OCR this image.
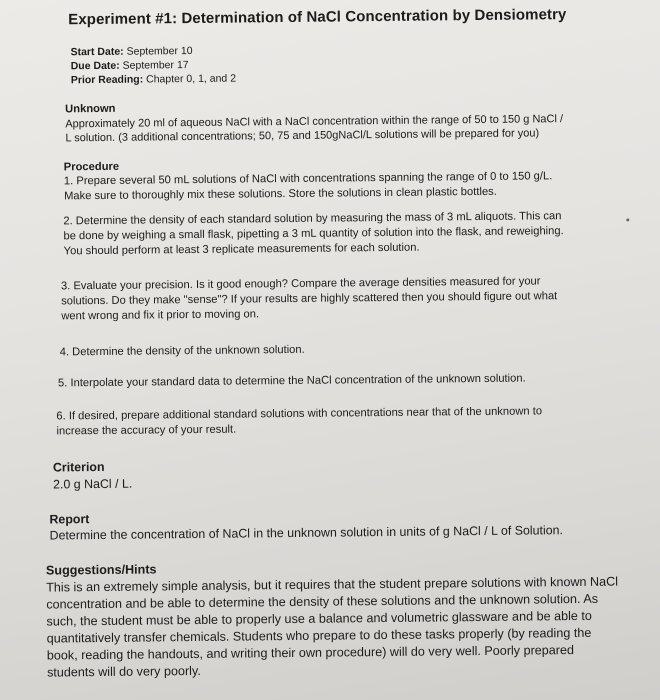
Experiment #1: Determination of NaCl Concentration by Densiometry
Start Date: September 10
Due Date: September 17
Prior Reading: Chapter 0, 1, and 2
Unknown
Approximately 20 ml of aqueous NaCl with a NaCl concentration within the range of 50 to 150 g NaCl /
L solution. (3 additional concentrations; 50, 75 and 150gNaCl/L solutions will be prepared for you)
Procedure
1. Prepare several 50 mL solutions of NaCl with concentrations spanning the range of 0 to 150 g/L.
Make sure to thoroughly mix these solutions. Store the solutions in clean plastic bottles.
2. Determine the density of each standard solution by measuring the mass of 3 mL aliquots. This can
be done by weighing a small flask, pipetting a 3 mL quantity of solution into the flask, and reweighing.
You should perform at least 3 replicate measurements for each solution.
3. Evaluate your precision. Is it good enough? Compare the average densities measured for your
solutions. Do they make "sense"? If your results are highly scattered then you should figure out what
went wrong and fix it prior to moving on.
4. Determine the density of the unknown solution.
5. Interpolate your standard data to determine the NaCl concentration of the unknown solution.
6. If desired, prepare additional standard solutions with concentrations near that of the unknown to
increase the accuracy of your result.
Criterion
2.0 g NaCl / L.
Report
Determine the concentration of NaCl in the unknown solution in units of g NaCl / L of Solution.
Suggestions/Hints

This is an extremely simple analysis, but it requires that the student prepare solutions with known NaCl

concentration and be able to determine the density of these solutions and the unknown solution. As

such, the student must be able to properly use a balance and volumetric glassware and be able to

quantitatively transfer chemicals. Students who prepare to do these tasks properly (by reading the

book, reading the handouts, and writing their own procedure) will do very well. Poorly prepared

students will do very poorly.
